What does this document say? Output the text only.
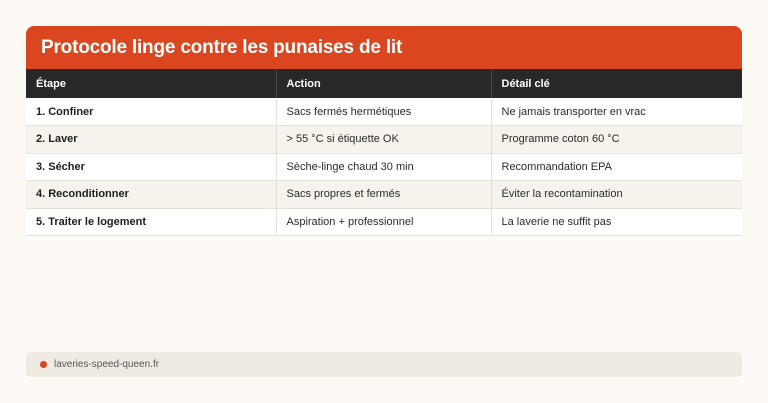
Protocole linge contre les punaises de lit
Étape	Action	Détail clé
1. Confiner	Sacs fermés hermétiques	Ne jamais transporter en vrac
2. Laver	> 55 °C si étiquette OK	Programme coton 60 °C
3. Sécher	Sèche-linge chaud 30 min	Recommandation EPA
4. Reconditionner	Sacs propres et fermés	Éviter la recontamination
5. Traiter le logement	Aspiration + professionnel	La laverie ne suffit pas
laveries-speed-queen.fr
